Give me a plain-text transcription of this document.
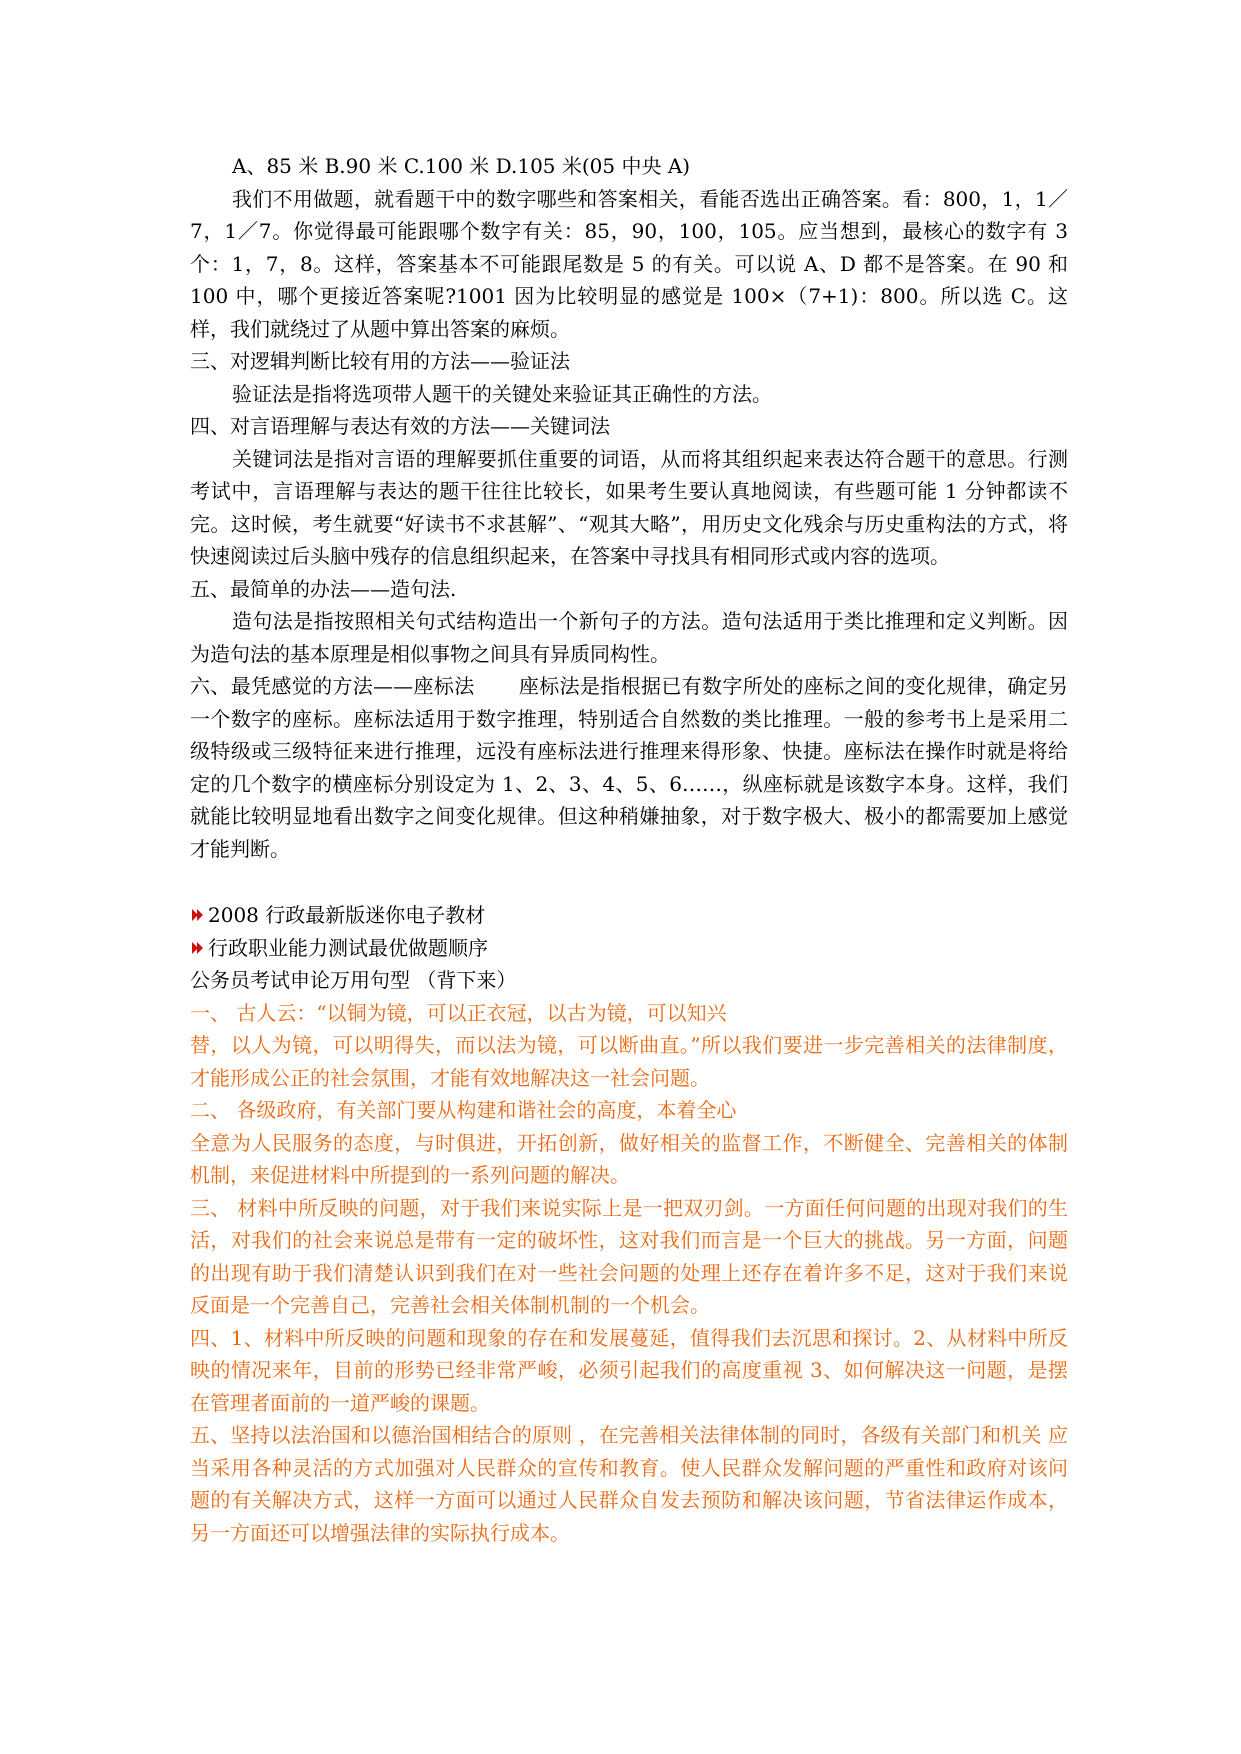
A、85 米 B.90 米 C.100 米 D.105 米(05 中央 A)

我们不用做题，就看题干中的数字哪些和答案相关，看能否选出正确答案。看：800，1，1／7，1／7。你觉得最可能跟哪个数字有关：85，90，100，105。应当想到，最核心的数字有 3 个：1，7，8。这样，答案基本不可能跟尾数是 5 的有关。可以说 A、D 都不是答案。在 90 和 100 中，哪个更接近答案呢?1001 因为比较明显的感觉是 100×（7+1)：800。所以选 C。这样，我们就绕过了从题中算出答案的麻烦。

三、对逻辑判断比较有用的方法——验证法

验证法是指将选项带人题干的关键处来验证其正确性的方法。

四、对言语理解与表达有效的方法——关键词法

关键词法是指对言语的理解要抓住重要的词语，从而将其组织起来表达符合题干的意思。行测考试中，言语理解与表达的题干往往比较长，如果考生要认真地阅读，有些题可能 1 分钟都读不完。这时候，考生就要“好读书不求甚解”、“观其大略”，用历史文化残余与历史重构法的方式，将快速阅读过后头脑中残存的信息组织起来，在答案中寻找具有相同形式或内容的选项。

五、最简单的办法——造句法.

造句法是指按照相关句式结构造出一个新句子的方法。造句法适用于类比推理和定义判断。因为造句法的基本原理是相似事物之间具有异质同构性。

六、最凭感觉的方法——座标法 座标法是指根据已有数字所处的座标之间的变化规律，确定另一个数字的座标。座标法适用于数字推理，特别适合自然数的类比推理。一般的参考书上是采用二级特级或三级特征来进行推理，远没有座标法进行推理来得形象、快捷。座标法在操作时就是将给定的几个数字的横座标分别设定为 1、2、3、4、5、6……，纵座标就是该数字本身。这样，我们就能比较明显地看出数字之间变化规律。但这种稍嫌抽象，对于数字极大、极小的都需要加上感觉才能判断。

2008 行政最新版迷你电子教材
行政职业能力测试最优做题顺序

公务员考试申论万用句型 （背下来）

一、 古人云：“以铜为镜，可以正衣冠，以古为镜，可以知兴

替，以人为镜，可以明得失，而以法为镜，可以断曲直。”所以我们要进一步完善相关的法律制度，才能形成公正的社会氛围，才能有效地解决这一社会问题。

二、 各级政府，有关部门要从构建和谐社会的高度，本着全心

全意为人民服务的态度，与时俱进，开拓创新，做好相关的监督工作，不断健全、完善相关的体制机制，来促进材料中所提到的一系列问题的解决。

三、 材料中所反映的问题，对于我们来说实际上是一把双刃剑。一方面任何问题的出现对我们的生活，对我们的社会来说总是带有一定的破坏性，这对我们而言是一个巨大的挑战。另一方面，问题的出现有助于我们清楚认识到我们在对一些社会问题的处理上还存在着许多不足，这对于我们来说反面是一个完善自己，完善社会相关体制机制的一个机会。

四、1、材料中所反映的问题和现象的存在和发展蔓延，值得我们去沉思和探讨。2、从材料中所反映的情况来年，目前的形势已经非常严峻，必须引起我们的高度重视 3、如何解决这一问题，是摆在管理者面前的一道严峻的课题。

五、坚持以法治国和以德治国相结合的原则 ，在完善相关法律体制的同时，各级有关部门和机关 应当采用各种灵活的方式加强对人民群众的宣传和教育。使人民群众发解问题的严重性和政府对该问题的有关解决方式，这样一方面可以通过人民群众自发去预防和解决该问题，节省法律运作成本，另一方面还可以增强法律的实际执行成本。
